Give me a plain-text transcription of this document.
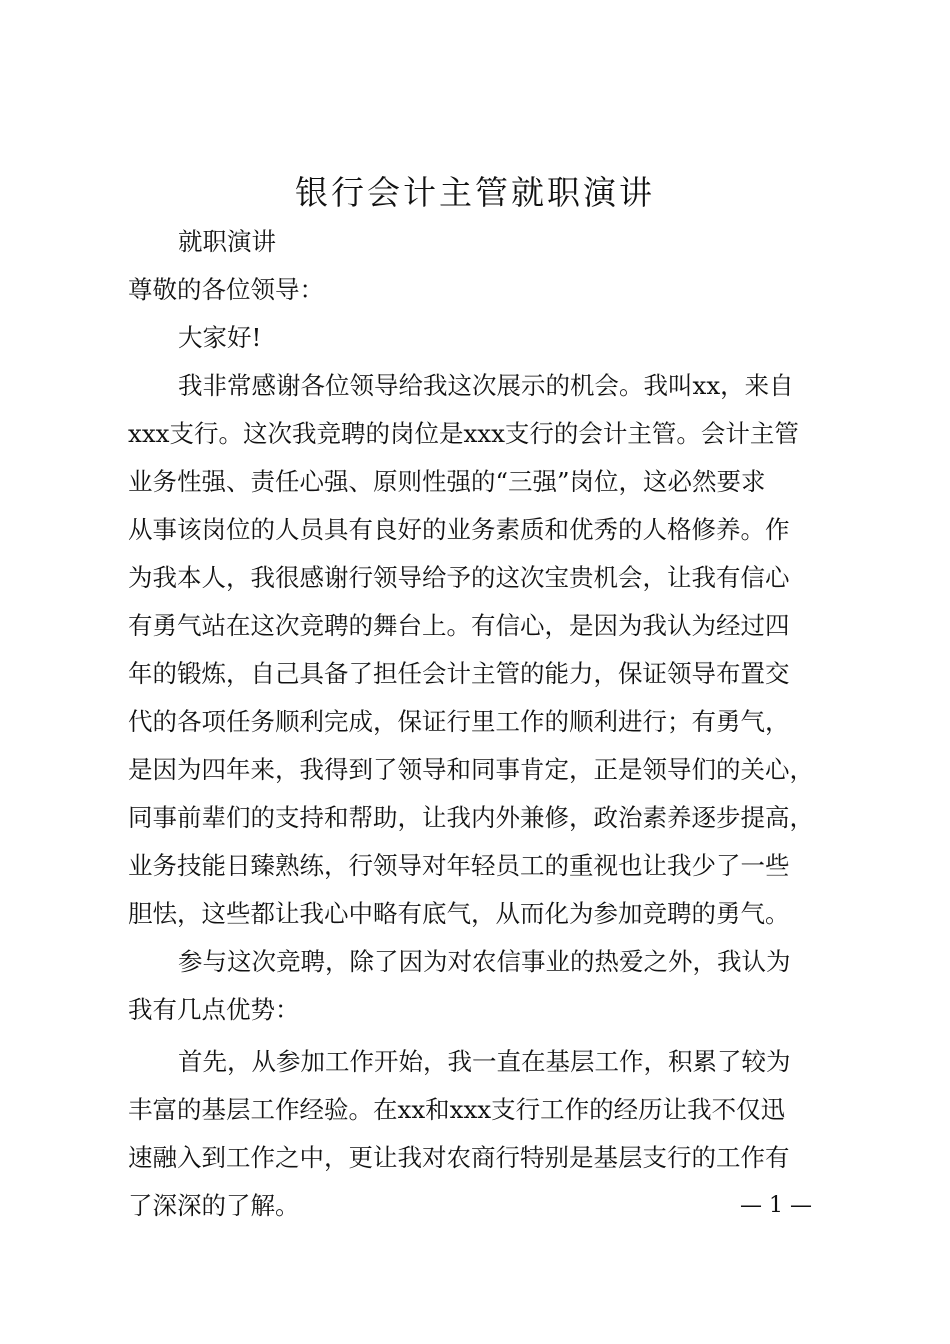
银行会计主管就职演讲
就职演讲
尊敬的各位领导：
大家好!
我非常感谢各位领导给我这次展示的机会。我叫xx，来自
xxx支行。这次我竞聘的岗位是xxx支行的会计主管。会计主管
业务性强、责任心强、原则性强的“三强”岗位，这必然要求
从事该岗位的人员具有良好的业务素质和优秀的人格修养。作
为我本人，我很感谢行领导给予的这次宝贵机会，让我有信心
有勇气站在这次竞聘的舞台上。有信心，是因为我认为经过四
年的锻炼，自己具备了担任会计主管的能力，保证领导布置交
代的各项任务顺利完成，保证行里工作的顺利进行；有勇气，
是因为四年来，我得到了领导和同事肯定，正是领导们的关心，
同事前辈们的支持和帮助，让我内外兼修，政治素养逐步提高，
业务技能日臻熟练，行领导对年轻员工的重视也让我少了一些
胆怯，这些都让我心中略有底气，从而化为参加竞聘的勇气。
参与这次竞聘，除了因为对农信事业的热爱之外，我认为
我有几点优势：
首先，从参加工作开始，我一直在基层工作，积累了较为
丰富的基层工作经验。在xx和xxx支行工作的经历让我不仅迅
速融入到工作之中，更让我对农商行特别是基层支行的工作有
了深深的了解。	— 1 —
